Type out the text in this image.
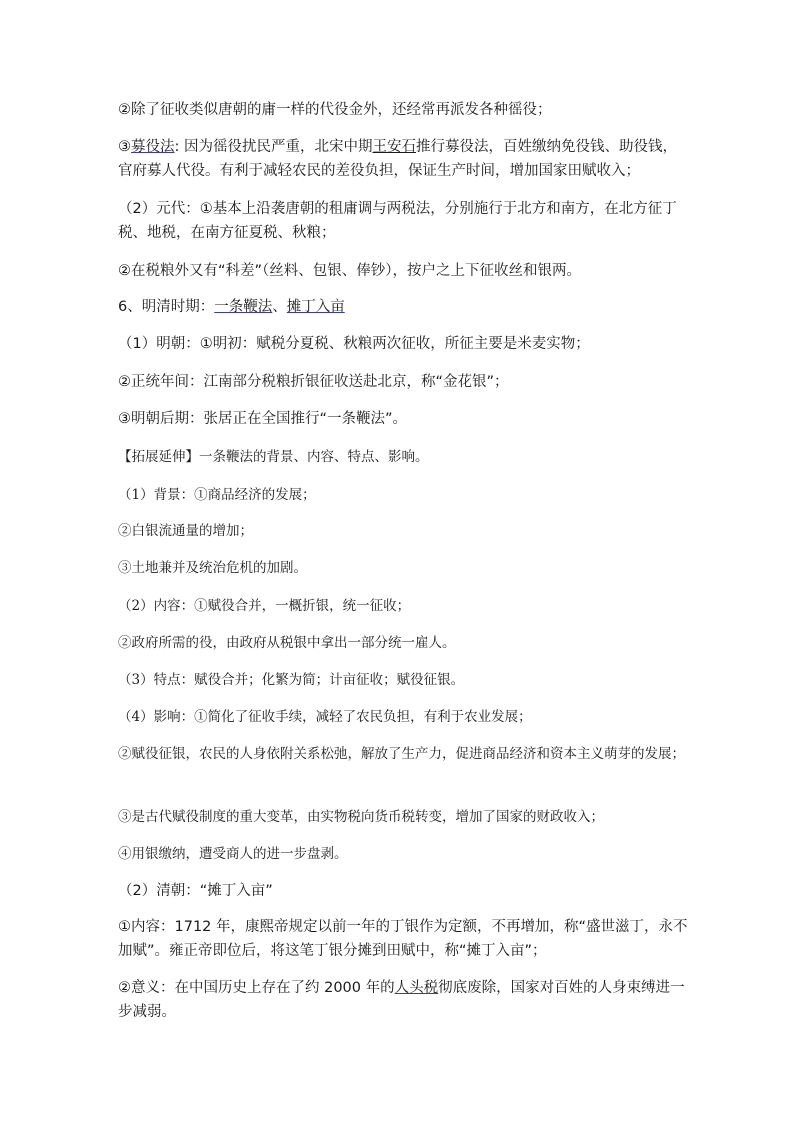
②除了征收类似唐朝的庸一样的代役金外，还经常再派发各种徭役；
③募役法: 因为徭役扰民严重，北宋中期王安石推行募役法，百姓缴纳免役钱、助役钱，官府募人代役。有利于减轻农民的差役负担，保证生产时间，增加国家田赋收入；
（2）元代：①基本上沿袭唐朝的租庸调与两税法，分别施行于北方和南方，在北方征丁税、地税，在南方征夏税、秋粮；
②在税粮外又有“科差”（丝料、包银、俸钞），按户之上下征收丝和银两。
6、明清时期：一条鞭法、摊丁入亩
（1）明朝：①明初：赋税分夏税、秋粮两次征收，所征主要是米麦实物；
②正统年间：江南部分税粮折银征收送赴北京，称“金花银”；
③明朝后期：张居正在全国推行“一条鞭法”。
【拓展延伸】一条鞭法的背景、内容、特点、影响。
（1）背景：①商品经济的发展；
②白银流通量的增加；
③土地兼并及统治危机的加剧。
（2）内容：①赋役合并，一概折银，统一征收；
②政府所需的役，由政府从税银中拿出一部分统一雇人。
（3）特点：赋役合并；化繁为简；计亩征收；赋役征银。
（4）影响：①简化了征收手续，减轻了农民负担，有利于农业发展；
②赋役征银，农民的人身依附关系松弛，解放了生产力，促进商品经济和资本主义萌芽的发展；
③是古代赋役制度的重大变革，由实物税向货币税转变，增加了国家的财政收入；
④用银缴纳，遭受商人的进一步盘剥。
（2）清朝：“摊丁入亩”
①内容：1712 年，康熙帝规定以前一年的丁银作为定额，不再增加，称“盛世滋丁，永不加赋”。雍正帝即位后，将这笔丁银分摊到田赋中，称“摊丁入亩”；
②意义：在中国历史上存在了约 2000 年的人头税彻底废除，国家对百姓的人身束缚进一步减弱。
